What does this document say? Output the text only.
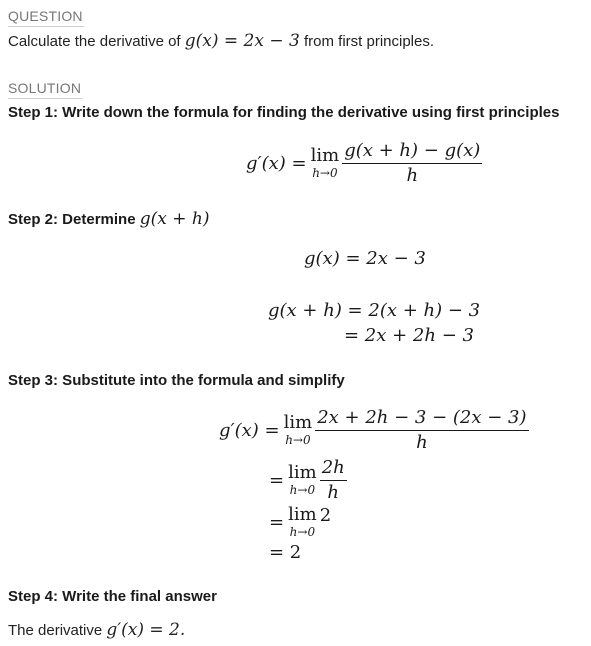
QUESTION
Calculate the derivative of g(x) = 2x − 3 from first principles.
SOLUTION
Step 1: Write down the formula for finding the derivative using first principles
g′(x) = lim
$h\to 0 \frac{g(x + h) - g(x)}{h}$
Step 2: Determine g(x + h)
g(x) = 2x − 3
g(x + h) = 2(x + h) − 3
= 2x + 2h − 3
Step 3: Substitute into the formula and simplify
g′(x) = lim
$h\to 0 \frac{2x + 2h - 3 - (2x - 3)}{h}$
= lim
$h\to 0 \frac{2h}{h}$
= lim
h→0
2
= 2
Step 4: Write the final answer
The derivative g′(x) = 2.
